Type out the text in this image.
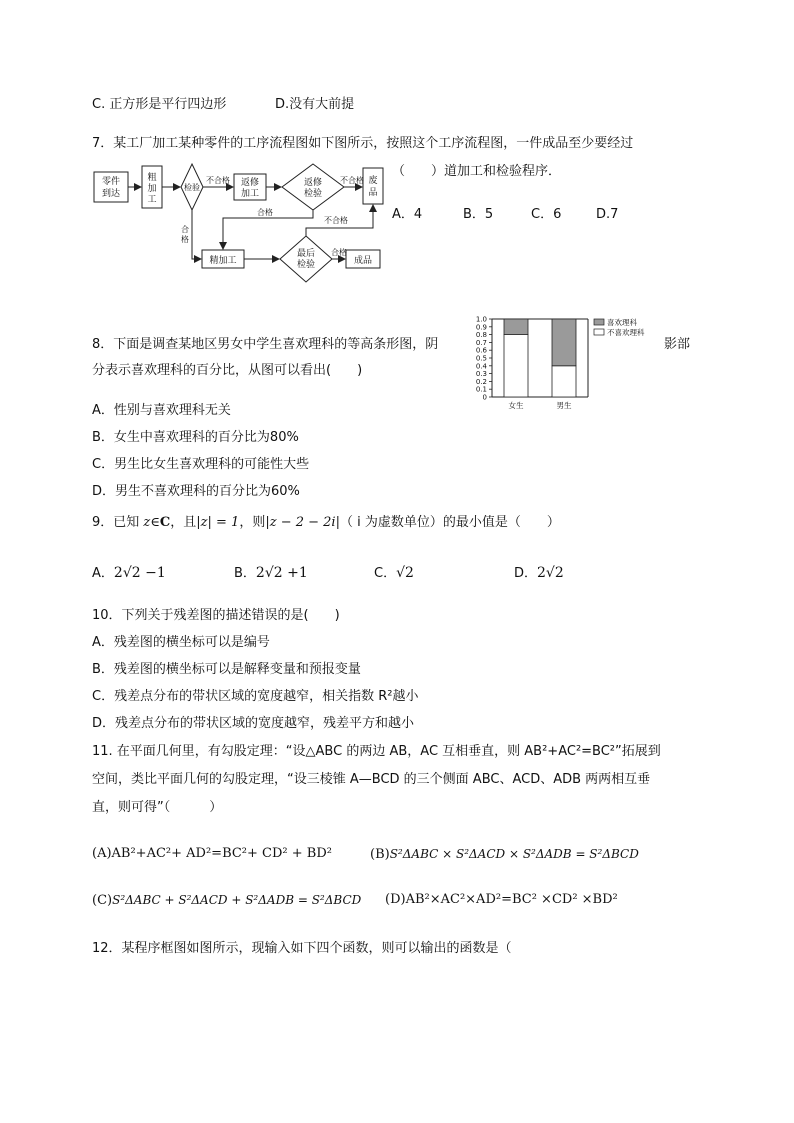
C. 正方形是平行四边形	D.没有大前提
7．某工厂加工某种零件的工序流程图如下图所示，按照这个工序流程图，一件成品至少要经过
（　　）道加工和检验程序．
A．4	B．5	C．6	D.7
零件
到达
粗
加
工
检验	返修
加工
返修
检验
废
品
精加工
最后
检验	成品
不合格	不合格
不合格
合格
合
格
合格
8．下面是调查某地区男女中学生喜欢理科的等高条形图，阴	影部
分表示喜欢理科的百分比，从图可以看出(　　)
0
0.1
0.2
0.3
0.4
0.5
0.6
0.7
0.8
0.9
1.0
女生	男生
喜欢理科
不喜欢理科
A．性别与喜欢理科无关
B．女生中喜欢理科的百分比为80%
C．男生比女生喜欢理科的可能性大些
D．男生不喜欢理科的百分比为60%
9．已知 z∈C，且|z| = 1，则|z − 2 − 2i|（ i 为虚数单位）的最小值是（　　）
A．2√2 −1	B．2√2 +1	C．√2	D．2√2
10．下列关于残差图的描述错误的是(　　)
A．残差图的横坐标可以是编号
B．残差图的横坐标可以是解释变量和预报变量
C．残差点分布的带状区域的宽度越窄，相关指数 R²越小
D．残差点分布的带状区域的宽度越窄，残差平方和越小
11. 在平面几何里，有勾股定理：“设△ABC 的两边 AB，AC 互相垂直，则 AB²+AC²=BC²”拓展到
空间，类比平面几何的勾股定理，“设三棱锥 A—BCD 的三个侧面 ABC、ACD、ADB 两两相互垂
直，则可得”（　　　）
(A)AB²+AC²+ AD²=BC²+ CD² + BD²	(B)S²ΔABC × S²ΔACD × S²ΔADB = S²ΔBCD
(C)S²ΔABC + S²ΔACD + S²ΔADB = S²ΔBCD (D)AB²×AC²×AD²=BC² ×CD² ×BD²
12．某程序框图如图所示，现输入如下四个函数，则可以输出的函数是（
